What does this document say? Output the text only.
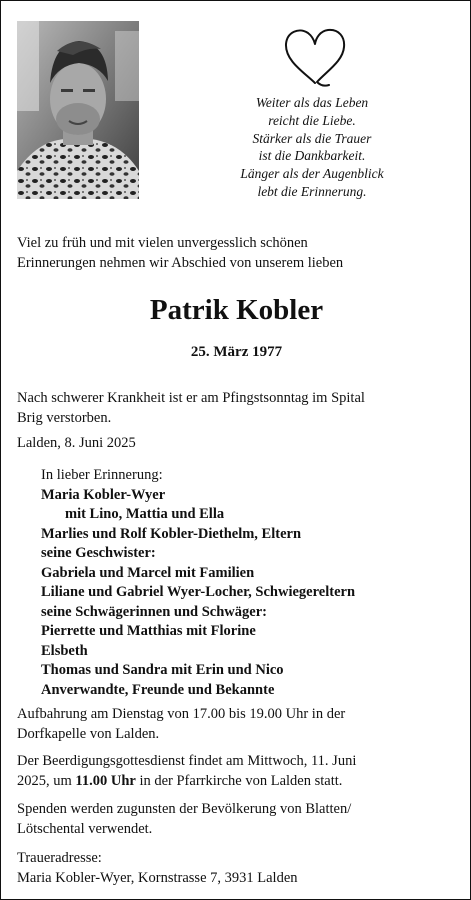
Weiter als das Leben
reicht die Liebe.
Stärker als die Trauer
ist die Dankbarkeit.
Länger als der Augenblick
lebt die Erinnerung.
Viel zu früh und mit vielen unvergesslich schönen
Erinnerungen nehmen wir Abschied von unserem lieben
Patrik Kobler
25. März 1977
Nach schwerer Krankheit ist er am Pfingstsonntag im Spital
Brig verstorben.
Lalden, 8. Juni 2025
In lieber Erinnerung:
Maria Kobler-Wyer
mit Lino, Mattia und Ella
Marlies und Rolf Kobler-Diethelm, Eltern
seine Geschwister:
Gabriela und Marcel mit Familien
Liliane und Gabriel Wyer-Locher, Schwiegereltern
seine Schwägerinnen und Schwäger:
Pierrette und Matthias mit Florine
Elsbeth
Thomas und Sandra mit Erin und Nico
Anverwandte, Freunde und Bekannte
Aufbahrung am Dienstag von 17.00 bis 19.00 Uhr in der
Dorfkapelle von Lalden.
Der Beerdigungsgottesdienst findet am Mittwoch, 11. Juni
2025, um 11.00 Uhr in der Pfarrkirche von Lalden statt.
Spenden werden zugunsten der Bevölkerung von Blatten/
Lötschental verwendet.
Traueradresse:
Maria Kobler-Wyer, Kornstrasse 7, 3931 Lalden
